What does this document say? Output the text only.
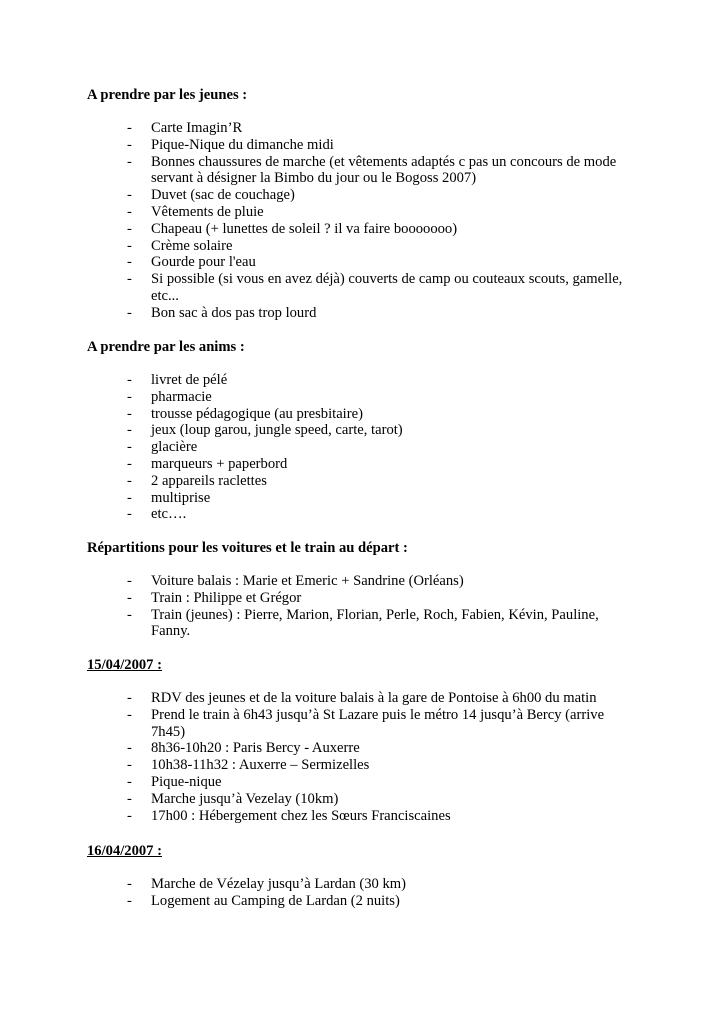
A prendre par les jeunes :

- Carte Imagin’R
- Pique-Nique du dimanche midi
- Bonnes chaussures de marche (et vêtements adaptés c pas un concours de mode servant à désigner la Bimbo du jour ou le Bogoss 2007)
- Duvet (sac de couchage)
- Vêtements de pluie
- Chapeau (+ lunettes de soleil ? il va faire booooooo)
- Crème solaire
- Gourde pour l'eau
- Si possible (si vous en avez déjà) couverts de camp ou couteaux scouts, gamelle, etc...
- Bon sac à dos pas trop lourd

A prendre par les anims :

- livret de pélé
- pharmacie
- trousse pédagogique (au presbitaire)
- jeux (loup garou, jungle speed, carte, tarot)
- glacière
- marqueurs + paperbord
- 2 appareils raclettes
- multiprise
- etc….

Répartitions pour les voitures et le train au départ :

- Voiture balais : Marie et Emeric + Sandrine (Orléans)
- Train : Philippe et Grégor
- Train (jeunes) : Pierre, Marion, Florian, Perle, Roch, Fabien, Kévin, Pauline, Fanny.

15/04/2007 :

- RDV des jeunes et de la voiture balais à la gare de Pontoise à 6h00 du matin
- Prend le train à 6h43 jusqu’à St Lazare puis le métro 14 jusqu’à Bercy (arrive 7h45)
- 8h36-10h20 : Paris Bercy - Auxerre
- 10h38-11h32 : Auxerre – Sermizelles
- Pique-nique
- Marche jusqu’à Vezelay (10km)
- 17h00 : Hébergement chez les Sœurs Franciscaines

16/04/2007 :

- Marche de Vézelay jusqu’à Lardan (30 km)
- Logement au Camping de Lardan (2 nuits)
